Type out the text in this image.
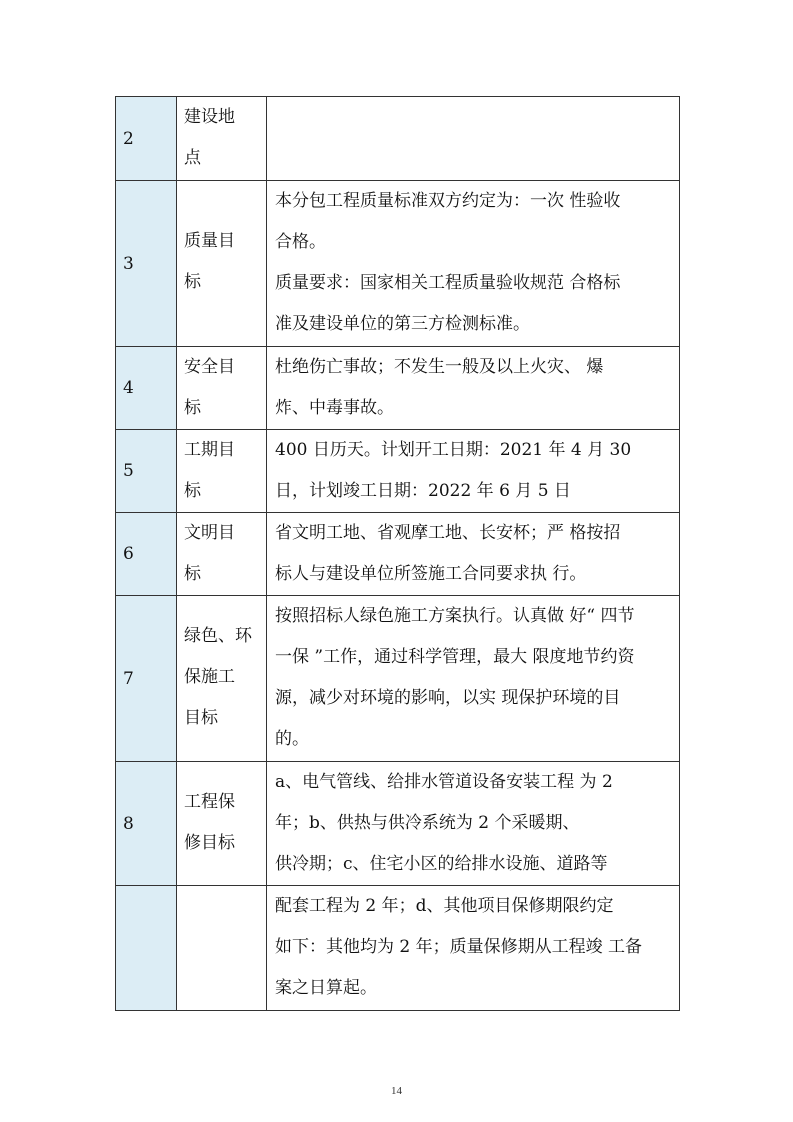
2
建设地
点
3
质量目
标
本分包工程质量标准双方约定为：一次 性验收
合格。
质量要求：国家相关工程质量验收规范 合格标
准及建设单位的第三方检测标准。
4
安全目
标
杜绝伤亡事故；不发生一般及以上火灾、 爆
炸、中毒事故。
5
工期目
标
400 日历天。计划开工日期：2021 年 4 月 30
日，计划竣工日期：2022 年 6 月 5 日
6
文明目
标
省文明工地、省观摩工地、长安杯；严 格按招
标人与建设单位所签施工合同要求执 行。
7
绿色、环
保施工
目标
按照招标人绿色施工方案执行。认真做 好“ 四节
一保 ”工作，通过科学管理，最大 限度地节约资
源，减少对环境的影响，以实 现保护环境的目
的。
8
工程保
修目标
a、电气管线、给排水管道设备安装工程 为 2
年；b、供热与供冷系统为 2 个采暖期、
供冷期；c、住宅小区的给排水设施、道路等
配套工程为 2 年；d、其他项目保修期限约定
如下：其他均为 2 年；质量保修期从工程竣 工备
案之日算起。
14
